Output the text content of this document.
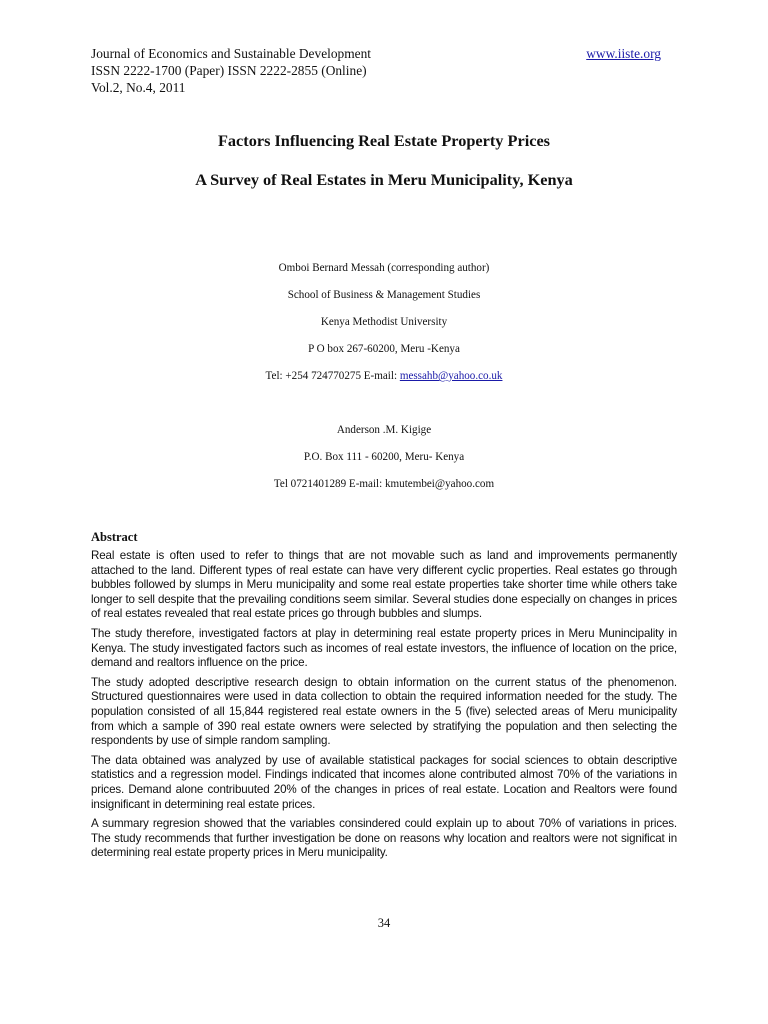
Journal of Economics and Sustainable Development	www.iiste.org
ISSN 2222-1700 (Paper) ISSN 2222-2855 (Online)
Vol.2, No.4, 2011
Factors Influencing Real Estate Property Prices
A Survey of Real Estates in Meru Municipality, Kenya
Omboi Bernard Messah (corresponding author)
School of Business & Management Studies
Kenya Methodist University
P O box 267-60200, Meru -Kenya
Tel: +254 724770275 E-mail: messahb@yahoo.co.uk
Anderson .M. Kigige
P.O. Box 111 - 60200, Meru- Kenya
Tel 0721401289 E-mail: kmutembei@yahoo.com
Abstract

Real estate is often used to refer to things that are not movable such as land and improvements permanently attached to the land. Different types of real estate can have very different cyclic properties. Real estates go through bubbles followed by slumps in Meru municipality and some real estate properties take shorter time while others take longer to sell despite that the prevailing conditions seem similar. Several studies done especially on changes in prices of real estates revealed that real estate prices go through bubbles and slumps.

The study therefore, investigated factors at play in determining real estate property prices in Meru Munincipality in Kenya. The study investigated factors such as incomes of real estate investors, the influence of location on the price, demand and realtors influence on the price.

The study adopted descriptive research design to obtain information on the current status of the phenomenon. Structured questionnaires were used in data collection to obtain the required information needed for the study. The population consisted of all 15,844 registered real estate owners in the 5 (five) selected areas of Meru municipality from which a sample of 390 real estate owners were selected by stratifying the population and then selecting the respondents by use of simple random sampling.

The data obtained was analyzed by use of available statistical packages for social sciences to obtain descriptive statistics and a regression model. Findings indicated that incomes alone contributed almost 70% of the variations in prices. Demand alone contribuuted 20% of the changes in prices of real estate. Location and Realtors were found insignificant in determining real estate prices.

A summary regresion showed that the variables consindered could explain up to about 70% of variations in prices. The study recommends that further investigation be done on reasons why location and realtors were not significat in determining real estate property prices in Meru municipality.

34
